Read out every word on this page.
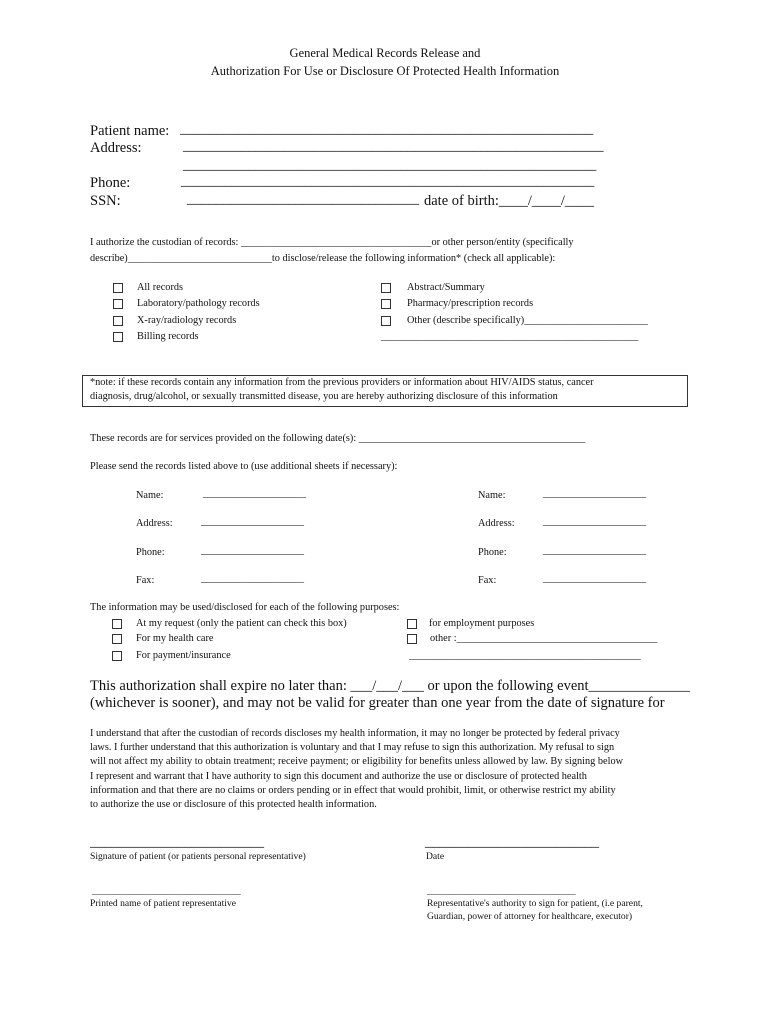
General Medical Records Release and
Authorization For Use or Disclosure Of Protected Health Information
Patient name: _________________________________________________________
Address:	__________________________________________________________
_________________________________________________________
Phone:	_________________________________________________________
SSN:	________________________________ date of birth:____/____/____
I authorize the custodian of records: _____________________________________or other person/entity (specifically
describe)____________________________to disclose/release the following information* (check all applicable):
All records
Laboratory/pathology records
X-ray/radiology records
Billing records
Abstract/Summary
Pharmacy/prescription records
Other (describe specifically)________________________
__________________________________________________
*note: if these records contain any information from the previous providers or information about HIV/AIDS status, cancer
diagnosis, drug/alcohol, or sexually transmitted disease, you are hereby authorizing disclosure of this information
These records are for services provided on the following date(s): ____________________________________________
Please send the records listed above to (use additional sheets if necessary):
Name:	____________________
Address:	____________________
Phone:	____________________
Fax:	____________________
Name:	____________________
Address:	____________________
Phone:	____________________
Fax:	____________________
The information may be used/disclosed for each of the following purposes:
At my request (only the patient can check this box)
For my health care
For payment/insurance
for employment purposes
other :_______________________________________
_____________________________________________
This authorization shall expire no later than: ___/___/___ or upon the following event______________
(whichever is sooner), and may not be valid for greater than one year from the date of signature for
I understand that after the custodian of records discloses my health information, it may no longer be protected by federal privacy
laws. I further understand that this authorization is voluntary and that I may refuse to sign this authorization. My refusal to sign
will not affect my ability to obtain treatment; receive payment; or eligibility for benefits unless allowed by law. By signing below
I represent and warrant that I have authority to sign this document and authorize the use or disclosure of protected health
information and that there are no claims or orders pending or in effect that would prohibit, limit, or otherwise restrict my ability
to authorize the use or disclosure of this protected health information.
________________________	________________________
Signature of patient (or patients personal representative)	Date
_______________________________	_______________________________
Printed name of patient representative	Representative's authority to sign for patient, (i.e parent,
Guardian, power of attorney for healthcare, executor)
